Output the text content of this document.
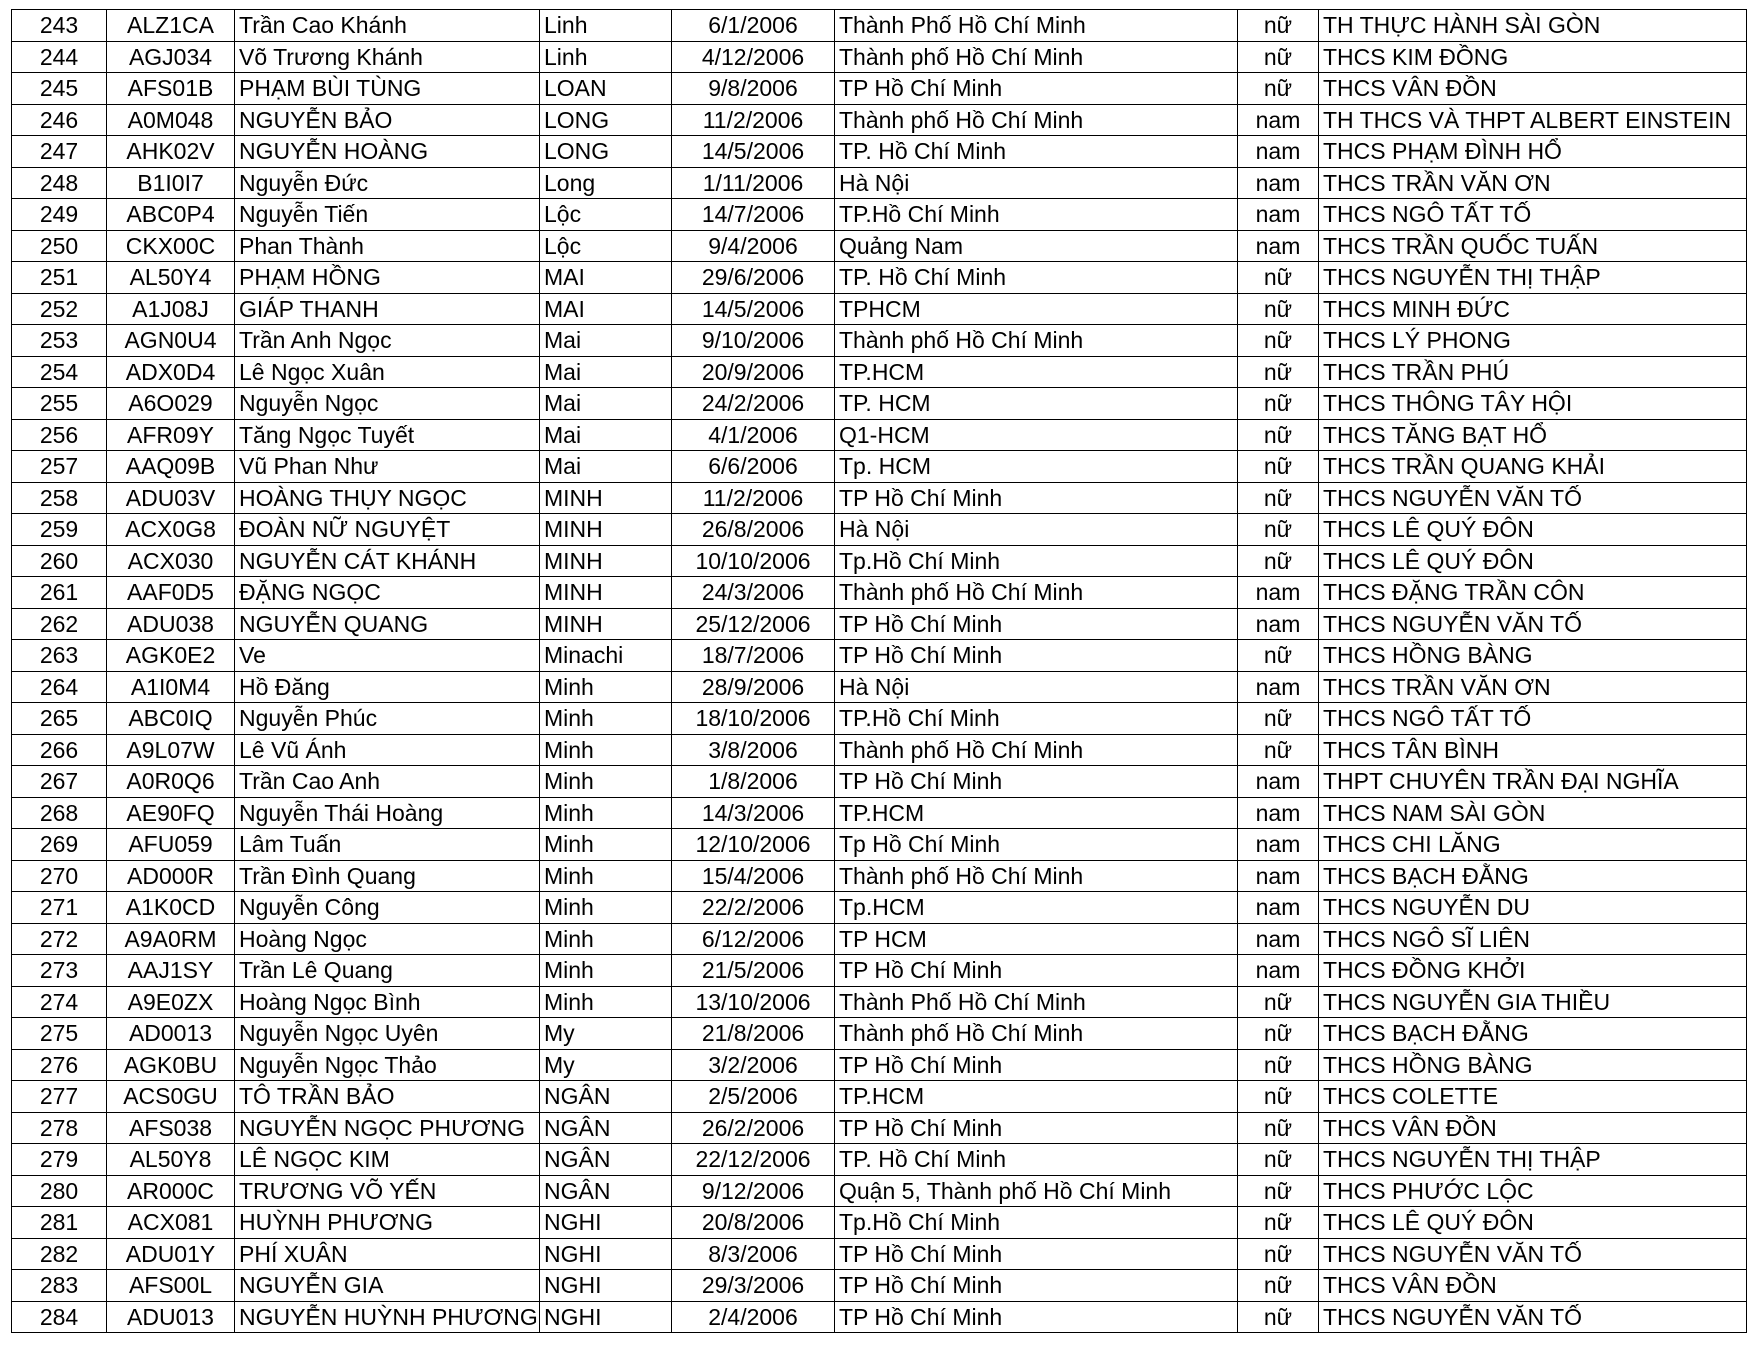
243	ALZ1CA	Trần Cao Khánh	Linh	6/1/2006	Thành Phố Hồ Chí Minh	nữ	TH THỰC HÀNH SÀI GÒN
244	AGJ034	Võ Trương Khánh	Linh	4/12/2006	Thành phố Hồ Chí Minh	nữ	THCS KIM ĐỒNG
245	AFS01B	PHẠM BÙI TÙNG	LOAN	9/8/2006	TP Hồ Chí Minh	nữ	THCS VÂN ĐỒN
246	A0M048	NGUYỄN BẢO	LONG	11/2/2006	Thành phố Hồ Chí Minh	nam	TH THCS VÀ THPT ALBERT EINSTEIN
247	AHK02V	NGUYỄN HOÀNG	LONG	14/5/2006	TP. Hồ Chí Minh	nam	THCS PHẠM ĐÌNH HỔ
248	B1I0I7	Nguyễn Đức	Long	1/11/2006	Hà Nội	nam	THCS TRẦN VĂN ƠN
249	ABC0P4	Nguyễn Tiến	Lộc	14/7/2006	TP.Hồ Chí Minh	nam	THCS NGÔ TẤT TỐ
250	CKX00C	Phan Thành	Lộc	9/4/2006	Quảng Nam	nam	THCS TRẦN QUỐC TUẤN
251	AL50Y4	PHẠM HỒNG	MAI	29/6/2006	TP. Hồ Chí Minh	nữ	THCS NGUYỄN THỊ THẬP
252	A1J08J	GIÁP THANH	MAI	14/5/2006	TPHCM	nữ	THCS MINH ĐỨC
253	AGN0U4	Trần Anh Ngọc	Mai	9/10/2006	Thành phố Hồ Chí Minh	nữ	THCS LÝ PHONG
254	ADX0D4	Lê Ngọc Xuân	Mai	20/9/2006	TP.HCM	nữ	THCS TRẦN PHÚ
255	A6O029	Nguyễn Ngọc	Mai	24/2/2006	TP. HCM	nữ	THCS THÔNG TÂY HỘI
256	AFR09Y	Tăng Ngọc Tuyết	Mai	4/1/2006	Q1-HCM	nữ	THCS TĂNG BẠT HỔ
257	AAQ09B	Vũ Phan Như	Mai	6/6/2006	Tp. HCM	nữ	THCS TRẦN QUANG KHẢI
258	ADU03V	HOÀNG THỤY NGỌC	MINH	11/2/2006	TP Hồ Chí Minh	nữ	THCS NGUYỄN VĂN TỐ
259	ACX0G8	ĐOÀN NỮ NGUYỆT	MINH	26/8/2006	Hà Nội	nữ	THCS LÊ QUÝ ĐÔN
260	ACX030	NGUYỄN CÁT KHÁNH	MINH	10/10/2006	Tp.Hồ Chí Minh	nữ	THCS LÊ QUÝ ĐÔN
261	AAF0D5	ĐẶNG NGỌC	MINH	24/3/2006	Thành phố Hồ Chí Minh	nam	THCS ĐẶNG TRẦN CÔN
262	ADU038	NGUYỄN QUANG	MINH	25/12/2006	TP Hồ Chí Minh	nam	THCS NGUYỄN VĂN TỐ
263	AGK0E2	Ve	Minachi	18/7/2006	TP Hồ Chí Minh	nữ	THCS HỒNG BÀNG
264	A1I0M4	Hồ Đăng	Minh	28/9/2006	Hà Nội	nam	THCS TRẦN VĂN ƠN
265	ABC0IQ	Nguyễn Phúc	Minh	18/10/2006	TP.Hồ Chí Minh	nữ	THCS NGÔ TẤT TỐ
266	A9L07W	Lê Vũ Ánh	Minh	3/8/2006	Thành phố Hồ Chí Minh	nữ	THCS TÂN BÌNH
267	A0R0Q6	Trần Cao Anh	Minh	1/8/2006	TP Hồ Chí Minh	nam	THPT CHUYÊN TRẦN ĐẠI NGHĨA
268	AE90FQ	Nguyễn Thái Hoàng	Minh	14/3/2006	TP.HCM	nam	THCS NAM SÀI GÒN
269	AFU059	Lâm Tuấn	Minh	12/10/2006	Tp Hồ Chí Minh	nam	THCS CHI LĂNG
270	AD000R	Trần Đình Quang	Minh	15/4/2006	Thành phố Hồ Chí Minh	nam	THCS BẠCH ĐẰNG
271	A1K0CD	Nguyễn Công	Minh	22/2/2006	Tp.HCM	nam	THCS NGUYỄN DU
272	A9A0RM	Hoàng Ngọc	Minh	6/12/2006	TP HCM	nam	THCS NGÔ SĨ LIÊN
273	AAJ1SY	Trần Lê Quang	Minh	21/5/2006	TP Hồ Chí Minh	nam	THCS ĐỒNG KHỞI
274	A9E0ZX	Hoàng Ngọc Bình	Minh	13/10/2006	Thành Phố Hồ Chí Minh	nữ	THCS NGUYỄN GIA THIỀU
275	AD0013	Nguyễn Ngọc Uyên	My	21/8/2006	Thành phố Hồ Chí Minh	nữ	THCS BẠCH ĐẰNG
276	AGK0BU	Nguyễn Ngọc Thảo	My	3/2/2006	TP Hồ Chí Minh	nữ	THCS HỒNG BÀNG
277	ACS0GU	TÔ TRẦN BẢO	NGÂN	2/5/2006	TP.HCM	nữ	THCS COLETTE
278	AFS038	NGUYỄN NGỌC PHƯƠNG	NGÂN	26/2/2006	TP Hồ Chí Minh	nữ	THCS VÂN ĐỒN
279	AL50Y8	LÊ NGỌC KIM	NGÂN	22/12/2006	TP. Hồ Chí Minh	nữ	THCS NGUYỄN THỊ THẬP
280	AR000C	TRƯƠNG VÕ YẾN	NGÂN	9/12/2006	Quận 5, Thành phố Hồ Chí Minh	nữ	THCS PHƯỚC LỘC
281	ACX081	HUỲNH PHƯƠNG	NGHI	20/8/2006	Tp.Hồ Chí Minh	nữ	THCS LÊ QUÝ ĐÔN
282	ADU01Y	PHÍ XUÂN	NGHI	8/3/2006	TP Hồ Chí Minh	nữ	THCS NGUYỄN VĂN TỐ
283	AFS00L	NGUYỄN GIA	NGHI	29/3/2006	TP Hồ Chí Minh	nữ	THCS VÂN ĐỒN
284	ADU013	NGUYỄN HUỲNH PHƯƠNG	NGHI	2/4/2006	TP Hồ Chí Minh	nữ	THCS NGUYỄN VĂN TỐ
